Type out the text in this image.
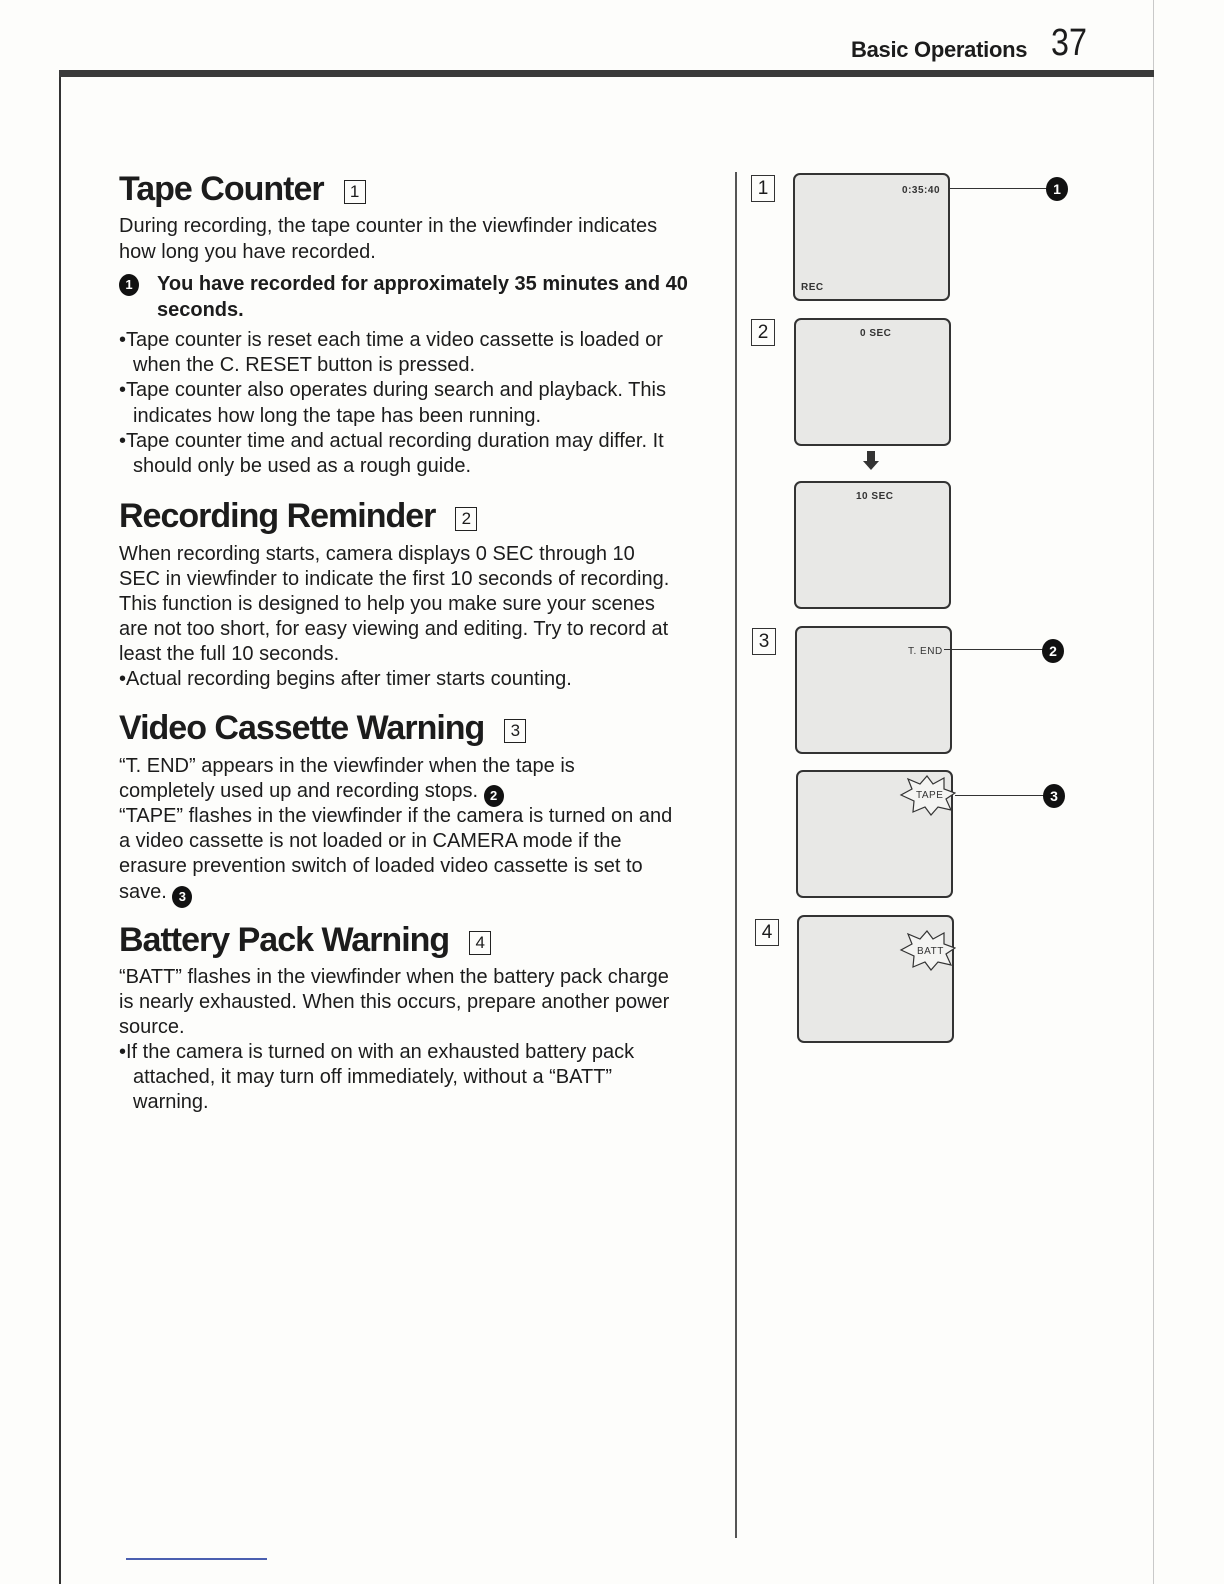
Basic Operations 37
Tape Counter 1
During recording, the tape counter in the viewfinder indicates
how long you have recorded.
1	You have recorded for approximately 35 minutes and 40
seconds.
•Tape counter is reset each time a video cassette is loaded or
when the C. RESET button is pressed.
•Tape counter also operates during search and playback. This
indicates how long the tape has been running.
•Tape counter time and actual recording duration may differ. It
should only be used as a rough guide.
Recording Reminder 2
When recording starts, camera displays 0 SEC through 10
SEC in viewfinder to indicate the first 10 seconds of recording.
This function is designed to help you make sure your scenes
are not too short, for easy viewing and editing. Try to record at
least the full 10 seconds.
•Actual recording begins after timer starts counting.
Video Cassette Warning 3
“T. END” appears in the viewfinder when the tape is
completely used up and recording stops. 2
“TAPE” flashes in the viewfinder if the camera is turned on and
a video cassette is not loaded or in CAMERA mode if the
erasure prevention switch of loaded video cassette is set to
save. 3
Battery Pack Warning 4
“BATT” flashes in the viewfinder when the battery pack charge
is nearly exhausted. When this occurs, prepare another power
source.
•If the camera is turned on with an exhausted battery pack
attached, it may turn off immediately, without a “BATT”
warning.
1	0:35:40
REC
1
2	0 SEC
10 SEC
3	T. END	2
TAPE	3
4
BATT
